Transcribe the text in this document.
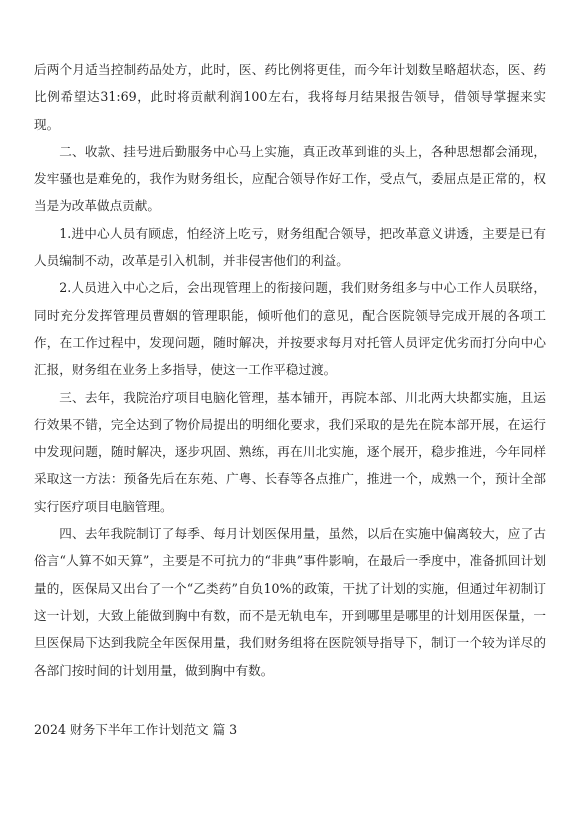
后两个月适当控制药品处方，此时，医、药比例将更佳，而今年计划数呈略超状态，医、药比例希望达31:69，此时将贡献利润100左右，我将每月结果报告领导，借领导掌握来实现。

二、收款、挂号进后勤服务中心马上实施，真正改革到谁的头上，各种思想都会涌现，发牢骚也是难免的，我作为财务组长，应配合领导作好工作，受点气，委屈点是正常的，权当是为改革做点贡献。

1.进中心人员有顾虑，怕经济上吃亏，财务组配合领导，把改革意义讲透，主要是已有人员编制不动，改革是引入机制，并非侵害他们的利益。

2.人员进入中心之后，会出现管理上的衔接问题，我们财务组多与中心工作人员联络，同时充分发挥管理员曹姻的管理职能，倾听他们的意见，配合医院领导完成开展的各项工作，在工作过程中，发现问题，随时解决，并按要求每月对托管人员评定优劣而打分向中心汇报，财务组在业务上多指导，使这一工作平稳过渡。

三、去年，我院治疗项目电脑化管理，基本铺开，再院本部、川北两大块都实施，且运行效果不错，完全达到了物价局提出的明细化要求，我们采取的是先在院本部开展，在运行中发现问题，随时解决，逐步巩固、熟练，再在川北实施，逐个展开，稳步推进，今年同样采取这一方法：预备先后在东苑、广粤、长春等各点推广，推进一个，成熟一个，预计全部实行医疗项目电脑管理。

四、去年我院制订了每季、每月计划医保用量，虽然，以后在实施中偏离较大，应了古俗言“人算不如天算”，主要是不可抗力的“非典”事件影响，在最后一季度中，准备抓回计划量的，医保局又出台了一个“乙类药”自负10%的政策，干扰了计划的实施，但通过年初制订这一计划，大致上能做到胸中有数，而不是无轨电车，开到哪里是哪里的计划用医保量，一旦医保局下达到我院全年医保用量，我们财务组将在医院领导指导下，制订一个较为详尽的各部门按时间的计划用量，做到胸中有数。

2024 财务下半年工作计划范文 篇 3
